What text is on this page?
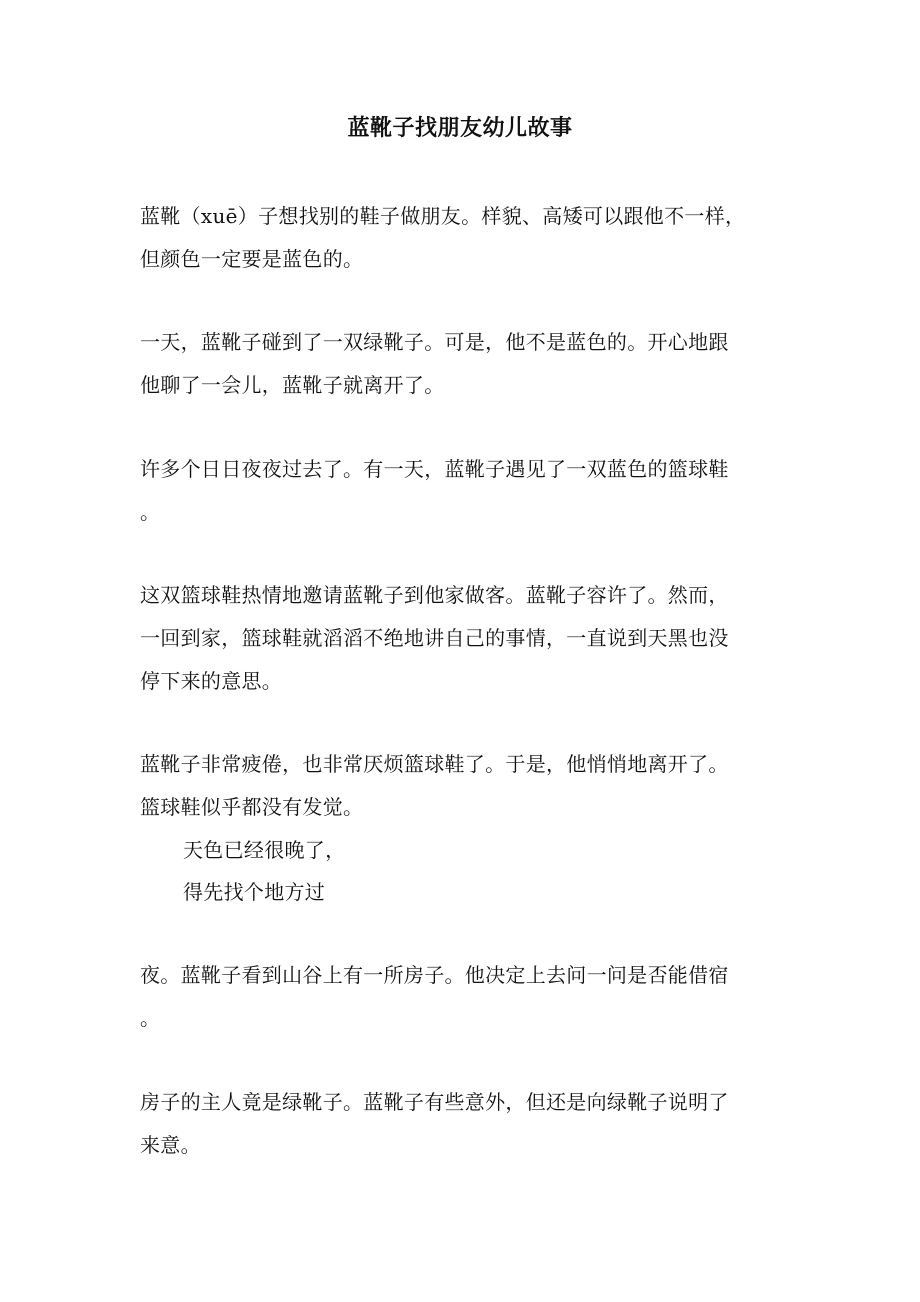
蓝靴子找朋友幼儿故事
蓝靴（xuē）子想找别的鞋子做朋友。样貌、高矮可以跟他不一样，
但颜色一定要是蓝色的。
一天，蓝靴子碰到了一双绿靴子。可是，他不是蓝色的。开心地跟
他聊了一会儿，蓝靴子就离开了。
许多个日日夜夜过去了。有一天，蓝靴子遇见了一双蓝色的篮球鞋
。
这双篮球鞋热情地邀请蓝靴子到他家做客。蓝靴子容许了。然而，
一回到家，篮球鞋就滔滔不绝地讲自己的事情，一直说到天黑也没
停下来的意思。
蓝靴子非常疲倦，也非常厌烦篮球鞋了。于是，他悄悄地离开了。
篮球鞋似乎都没有发觉。
天色已经很晚了，
得先找个地方过
夜。蓝靴子看到山谷上有一所房子。他决定上去问一问是否能借宿
。
房子的主人竟是绿靴子。蓝靴子有些意外，但还是向绿靴子说明了
来意。
